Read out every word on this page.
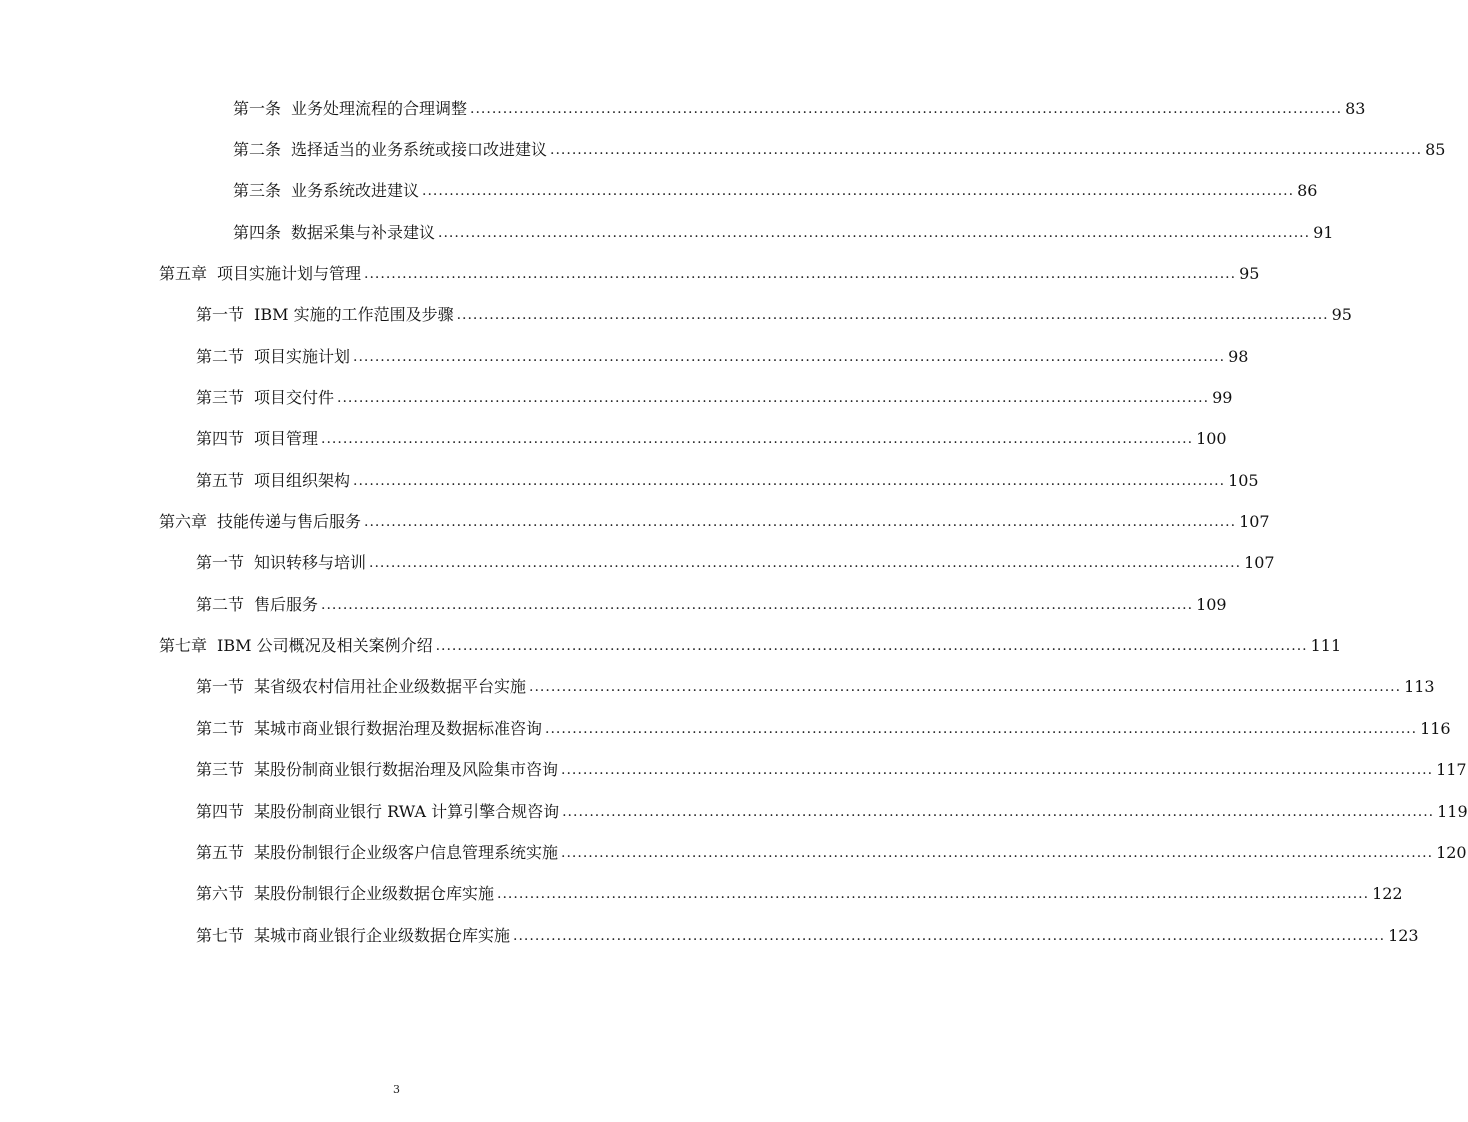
第一条 业务处理流程的合理调整 ................................................................................................................................................................ 83
第二条 选择适当的业务系统或接口改进建议 ................................................................................................................................................................ 85
第三条 业务系统改进建议 ................................................................................................................................................................ 86
第四条 数据采集与补录建议 ................................................................................................................................................................ 91
第五章 项目实施计划与管理 ................................................................................................................................................................ 95
第一节 IBM 实施的工作范围及步骤 ................................................................................................................................................................ 95
第二节 项目实施计划 ................................................................................................................................................................ 98
第三节 项目交付件 ................................................................................................................................................................ 99
第四节 项目管理 ................................................................................................................................................................ 100
第五节 项目组织架构 ................................................................................................................................................................ 105
第六章 技能传递与售后服务 ................................................................................................................................................................ 107
第一节 知识转移与培训 ................................................................................................................................................................ 107
第二节 售后服务 ................................................................................................................................................................ 109
第七章 IBM 公司概况及相关案例介绍 ................................................................................................................................................................ 111
第一节 某省级农村信用社企业级数据平台实施 ................................................................................................................................................................ 113
第二节 某城市商业银行数据治理及数据标准咨询 ................................................................................................................................................................ 116
第三节 某股份制商业银行数据治理及风险集市咨询 ................................................................................................................................................................ 117
第四节 某股份制商业银行 RWA 计算引擎合规咨询 ................................................................................................................................................................ 119
第五节 某股份制银行企业级客户信息管理系统实施 ................................................................................................................................................................ 120
第六节 某股份制银行企业级数据仓库实施 ................................................................................................................................................................ 122
第七节 某城市商业银行企业级数据仓库实施 ................................................................................................................................................................ 123
3
